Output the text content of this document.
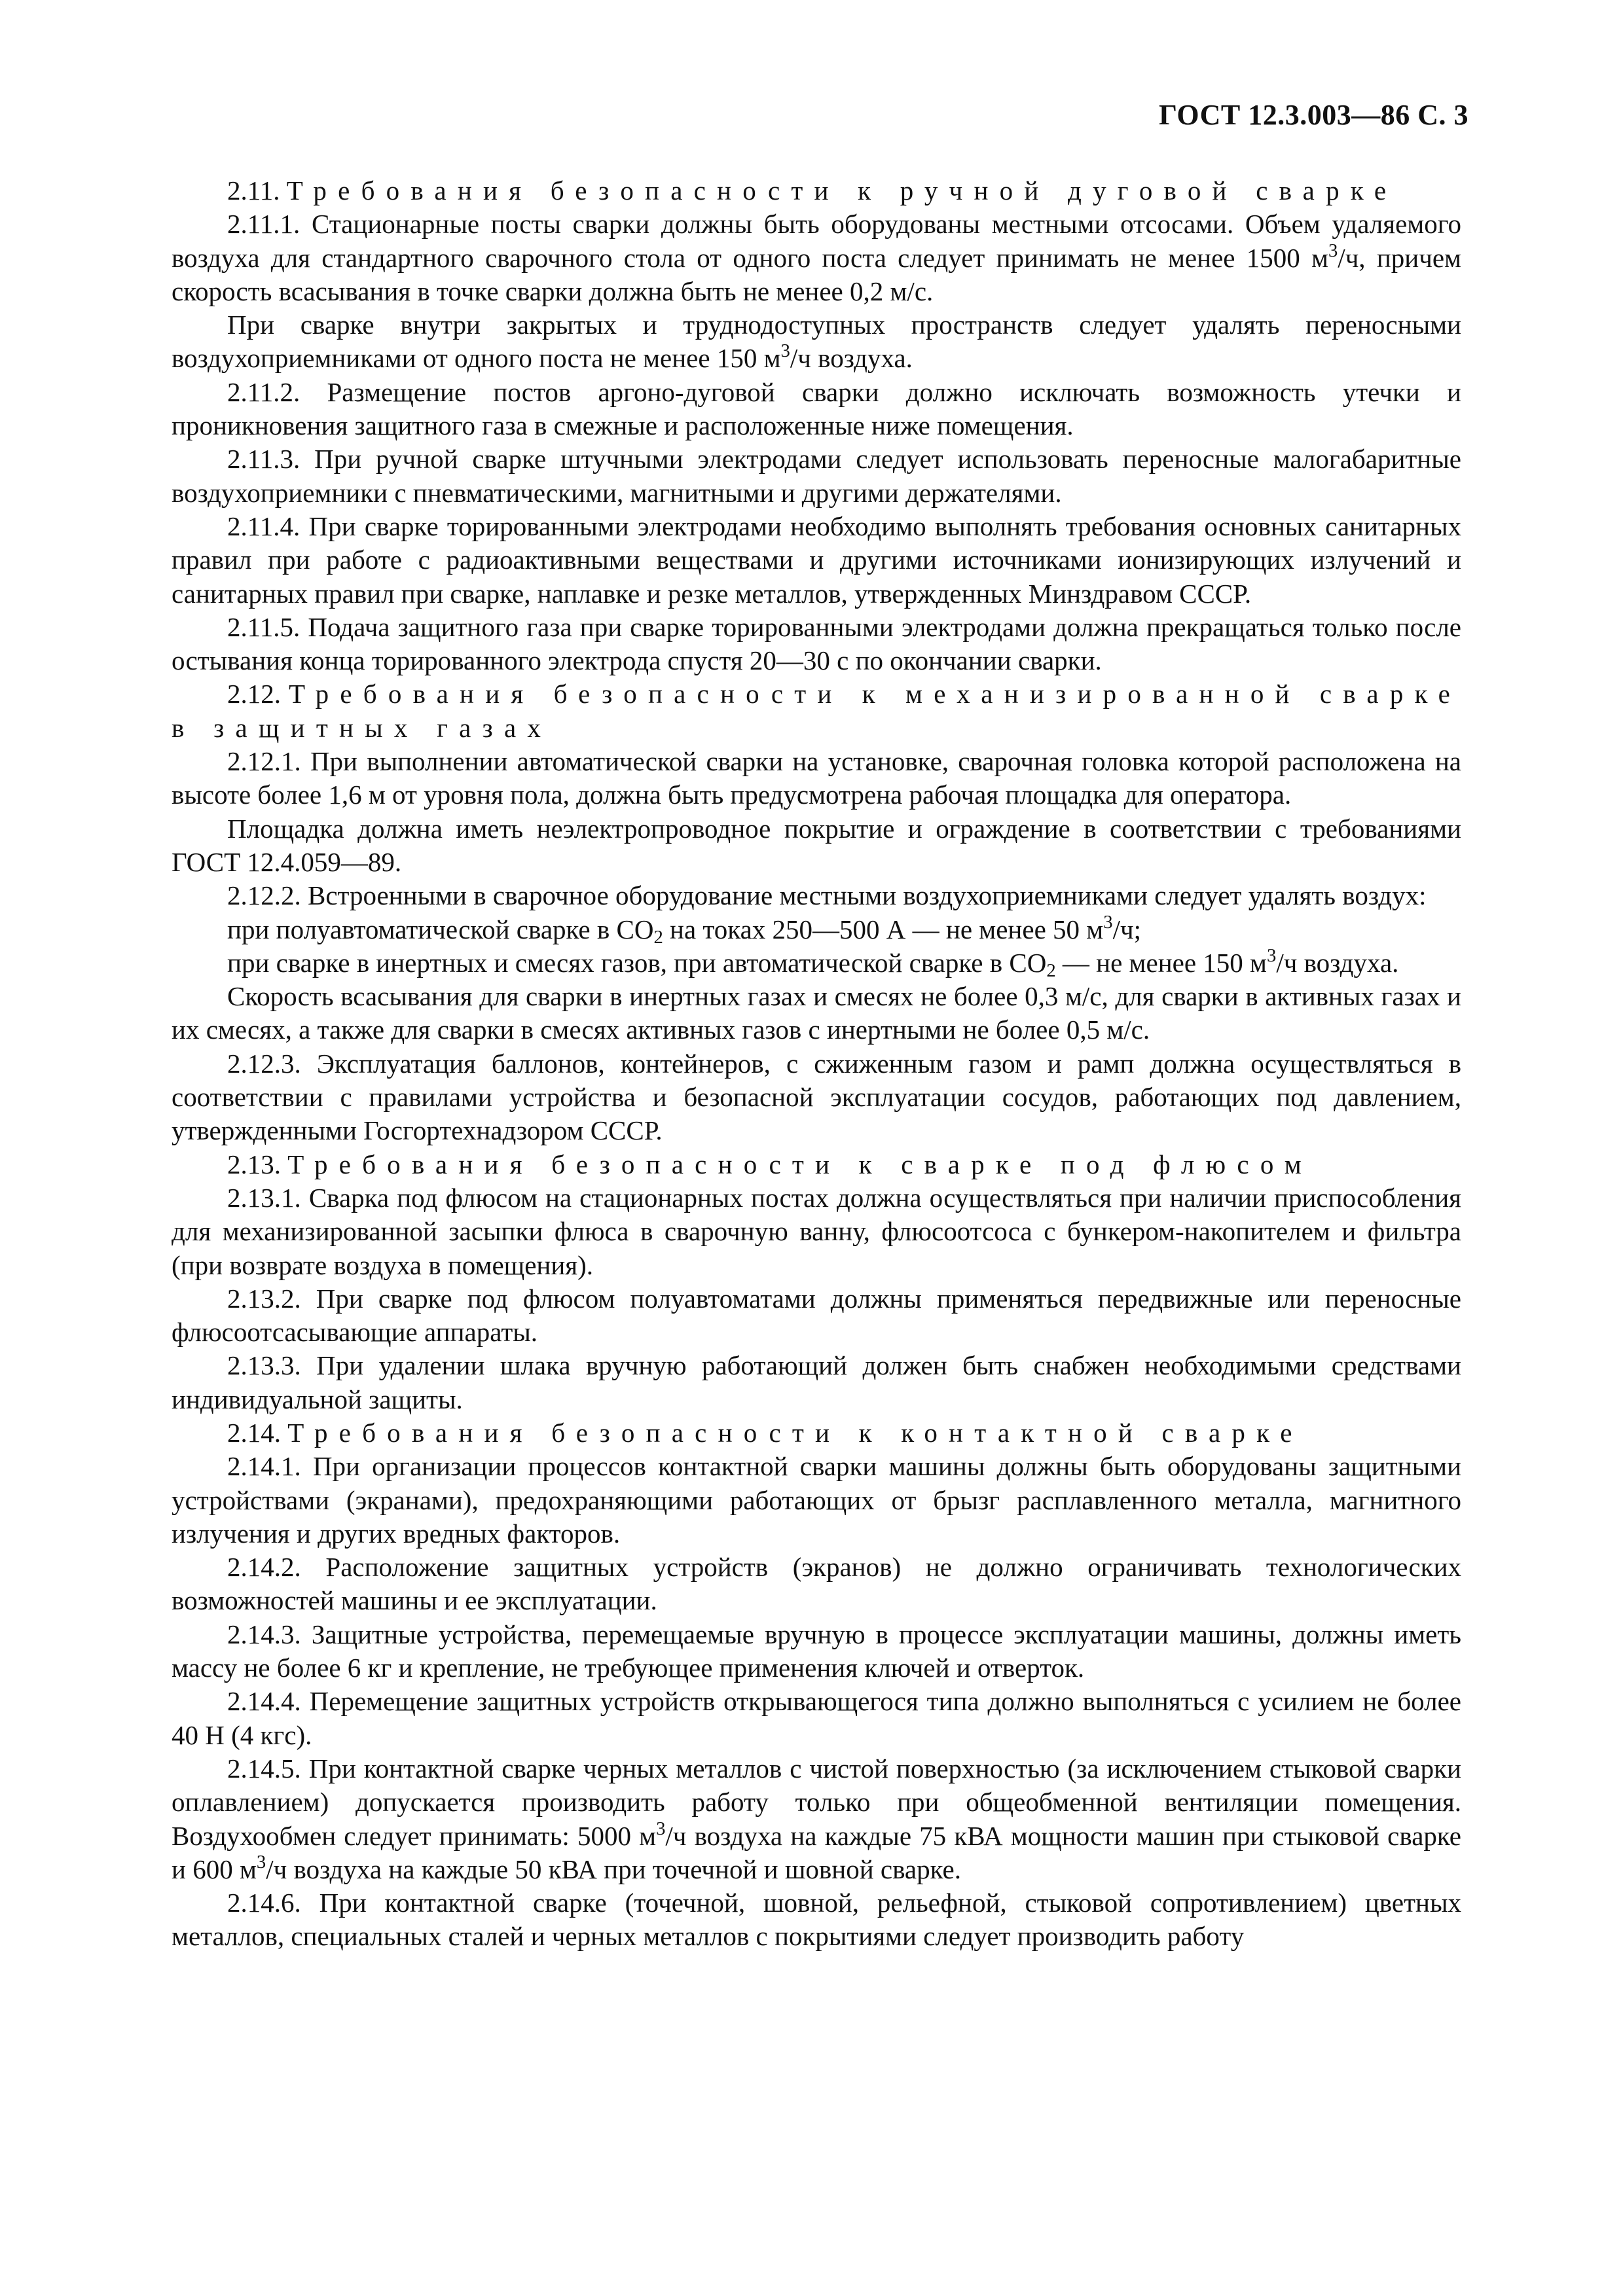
ГОСТ 12.3.003—86 С. 3

2.11. Требования безопасности к ручной дуговой сварке

2.11.1. Стационарные посты сварки должны быть оборудованы местными отсосами. Объем удаляемого воздуха для стандартного сварочного стола от одного поста следует принимать не менее 1500 $м^3/ч$, причем скорость всасывания в точке сварки должна быть не менее 0,2 м/с.

При сварке внутри закрытых и труднодоступных пространств следует удалять переносными воздухоприемниками от одного поста не менее 150 $м^3/ч$ воздуха.

2.11.2. Размещение постов аргоно-дуговой сварки должно исключать возможность утечки и проникновения защитного газа в смежные и расположенные ниже помещения.

2.11.3. При ручной сварке штучными электродами следует использовать переносные малогабаритные воздухоприемники с пневматическими, магнитными и другими держателями.

2.11.4. При сварке торированными электродами необходимо выполнять требования основных санитарных правил при работе с радиоактивными веществами и другими источниками ионизирующих излучений и санитарных правил при сварке, наплавке и резке металлов, утвержденных Минздравом СССР.

2.11.5. Подача защитного газа при сварке торированными электродами должна прекращаться только после остывания конца торированного электрода спустя 20—30 с по окончании сварки.

2.12. Требования безопасности к механизированной сварке в защитных газах

2.12.1. При выполнении автоматической сварки на установке, сварочная головка которой расположена на высоте более 1,6 м от уровня пола, должна быть предусмотрена рабочая площадка для оператора.

Площадка должна иметь неэлектропроводное покрытие и ограждение в соответствии с требованиями ГОСТ 12.4.059—89.

2.12.2. Встроенными в сварочное оборудование местными воздухоприемниками следует удалять воздух:

при полуавтоматической сварке в $CO_2$ на токах 250—500 А — не менее 50 $м^3/ч$;

при сварке в инертных и смесях газов, при автоматической сварке в $CO_2$ — не менее 150 $м^3/ч$ воздуха.

Скорость всасывания для сварки в инертных газах и смесях не более 0,3 м/с, для сварки в активных газах и их смесях, а также для сварки в смесях активных газов с инертными не более 0,5 м/с.

2.12.3. Эксплуатация баллонов, контейнеров, с сжиженным газом и рамп должна осуществляться в соответствии с правилами устройства и безопасной эксплуатации сосудов, работающих под давлением, утвержденными Госгортехнадзором СССР.

2.13. Требования безопасности к сварке под флюсом

2.13.1. Сварка под флюсом на стационарных постах должна осуществляться при наличии приспособления для механизированной засыпки флюса в сварочную ванну, флюсоотсоса с бункером-накопителем и фильтра (при возврате воздуха в помещения).

2.13.2. При сварке под флюсом полуавтоматами должны применяться передвижные или переносные флюсоотсасывающие аппараты.

2.13.3. При удалении шлака вручную работающий должен быть снабжен необходимыми средствами индивидуальной защиты.

2.14. Требования безопасности к контактной сварке

2.14.1. При организации процессов контактной сварки машины должны быть оборудованы защитными устройствами (экранами), предохраняющими работающих от брызг расплавленного металла, магнитного излучения и других вредных факторов.

2.14.2. Расположение защитных устройств (экранов) не должно ограничивать технологических возможностей машины и ее эксплуатации.

2.14.3. Защитные устройства, перемещаемые вручную в процессе эксплуатации машины, должны иметь массу не более 6 кг и крепление, не требующее применения ключей и отверток.

2.14.4. Перемещение защитных устройств открывающегося типа должно выполняться с усилием не более 40 Н (4 кгс).

2.14.5. При контактной сварке черных металлов с чистой поверхностью (за исключением стыковой сварки оплавлением) допускается производить работу только при общеобменной вентиляции помещения. Воздухообмен следует принимать: 5000 $м^3/ч$ воздуха на каждые 75 кВА мощности машин при стыковой сварке и 600 $м^3/ч$ воздуха на каждые 50 кВА при точечной и шовной сварке.

2.14.6. При контактной сварке (точечной, шовной, рельефной, стыковой сопротивлением) цветных металлов, специальных сталей и черных металлов с покрытиями следует производить работу
